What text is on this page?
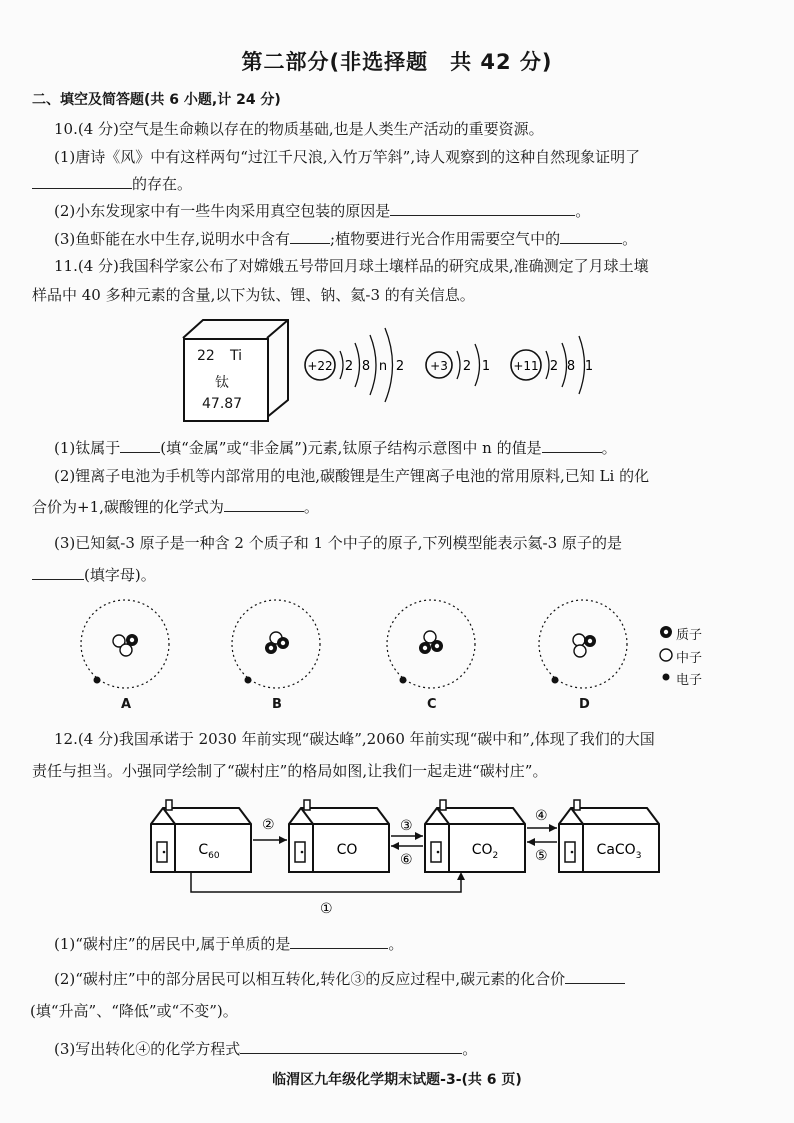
第二部分(非选择题　共 42 分)
二、填空及简答题(共 6 小题,计 24 分)
10.(4 分)空气是生命赖以存在的物质基础,也是人类生产活动的重要资源。
(1)唐诗《风》中有这样两句“过江千尺浪,入竹万竿斜”,诗人观察到的这种自然现象证明了
的存在。
(2)小东发现家中有一些牛肉采用真空包装的原因是	。
(3)鱼虾能在水中生存,说明水中含有	;植物要进行光合作用需要空气中的	。
11.(4 分)我国科学家公布了对嫦娥五号带回月球土壤样品的研究成果,准确测定了月球土壤
样品中 40 多种元素的含量,以下为钛、锂、钠、氦-3 的有关信息。
22 Ti
钛
47.87
+22 2 8 n 2 +3 2 1 +11 2 8 1
(1)钛属于	(填“金属”或“非金属”)元素,钛原子结构示意图中 n 的值是	。
(2)锂离子电池为手机等内部常用的电池,碳酸锂是生产锂离子电池的常用原料,已知 Li 的化
合价为+1,碳酸锂的化学式为	。
(3)已知氦-3 原子是一种含 2 个质子和 1 个中子的原子,下列模型能表示氦-3 原子的是
(填字母)。
A	B	C	D
质子
中子
电子
12.(4 分)我国承诺于 2030 年前实现“碳达峰”,2060 年前实现“碳中和”,体现了我们的大国
责任与担当。小强同学绘制了“碳村庄”的格局如图,让我们一起走进“碳村庄”。
$C_{60}$	CO	$CO_2$	CaCO$_3$
②	③
⑥
④
⑤
①
(1)“碳村庄”的居民中,属于单质的是	。
(2)“碳村庄”中的部分居民可以相互转化,转化③的反应过程中,碳元素的化合价
(填“升高”、“降低”或“不变”)。
(3)写出转化④的化学方程式	。
临渭区九年级化学期末试题-3-(共 6 页)
